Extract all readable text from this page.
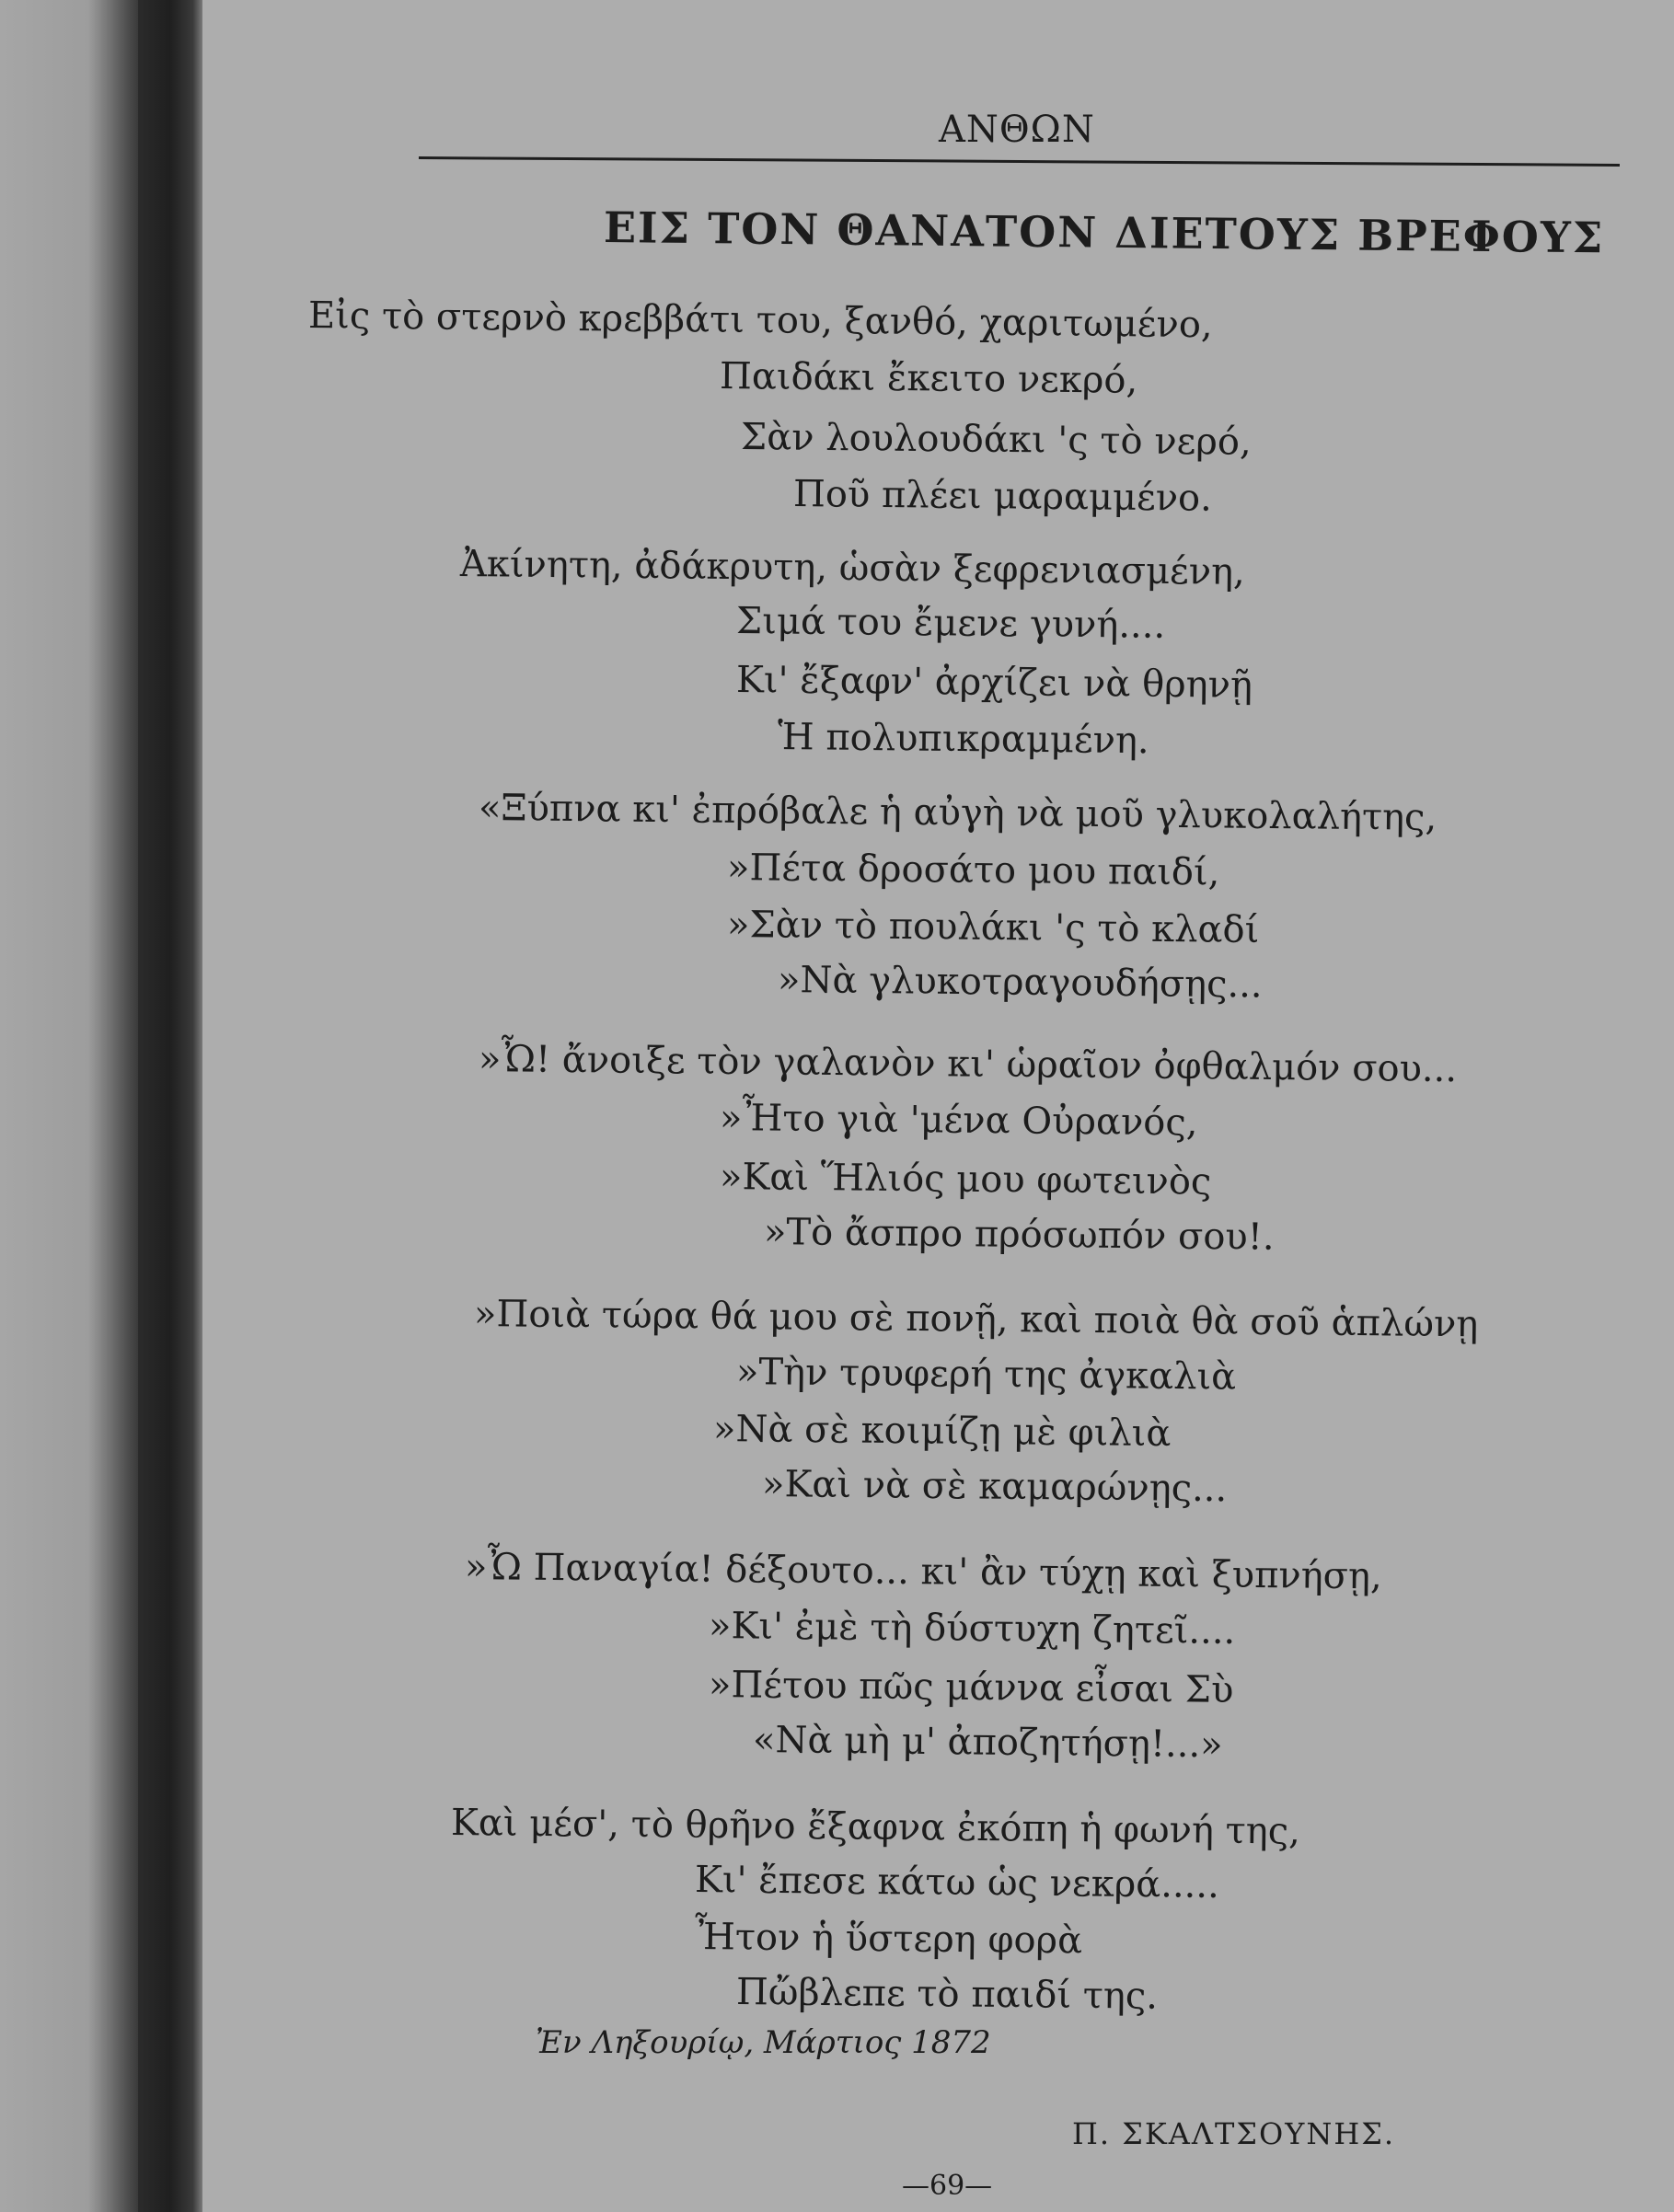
ΑΝΘΩΝ
ΕΙΣ ΤΟΝ ΘΑΝΑΤΟΝ ΔΙΕΤΟΥΣ ΒΡΕΦΟΥΣ
Εἰς τὸ στερνὸ κρεββάτι του, ξανθό, χαριτωμένο,
Παιδάκι ἔκειτο νεκρό,
Σὰν λουλουδάκι 'ς τὸ νερό,
Ποῦ πλέει μαραμμένο.
Ἀκίνητη, ἀδάκρυτη, ὡσὰν ξεφρενιασμένη,
Σιμά του ἔμενε γυνή....
Κι' ἔξαφν' ἀρχίζει νὰ θρηνῇ
Ἡ πολυπικραμμένη.
«Ξύπνα κι' ἐπρόβαλε ἡ αὐγὴ νὰ μοῦ γλυκολαλήτης,
»Πέτα δροσάτο μου παιδί,
»Σὰν τὸ πουλάκι 'ς τὸ κλαδί
»Νὰ γλυκοτραγουδήσῃς...
»Ὦ! ἄνοιξε τὸν γαλανὸν κι' ὡραῖον ὀφθαλμόν σου...
»Ἦτο γιὰ 'μένα Οὐρανός,
»Καὶ Ἥλιός μου φωτεινὸς
»Τὸ ἄσπρο πρόσωπόν σου!.
»Ποιὰ τώρα θά μου σὲ πονῇ, καὶ ποιὰ θὰ σοῦ ἁπλώνῃ
»Τὴν τρυφερή της ἀγκαλιὰ
»Νὰ σὲ κοιμίζῃ μὲ φιλιὰ
»Καὶ νὰ σὲ καμαρώνῃς...
»Ὦ Παναγία! δέξουτο... κι' ἂν τύχῃ καὶ ξυπνήσῃ,
»Κι' ἐμὲ τὴ δύστυχη ζητεῖ....
»Πέτου πῶς μάννα εἶσαι Σὺ
«Νὰ μὴ μ' ἀποζητήσῃ!...»
Καὶ μέσ', τὸ θρῆνο ἔξαφνα ἐκόπη ἡ φωνή της,
Κι' ἔπεσε κάτω ὡς νεκρά.....
Ἦτον ἡ ὕστερη φορὰ
Πὤβλεπε τὸ παιδί της.
Ἐν Ληξουρίῳ, Μάρτιος 1872
Π. ΣΚΑΛΤΣΟΥΝΗΣ.
—69—
